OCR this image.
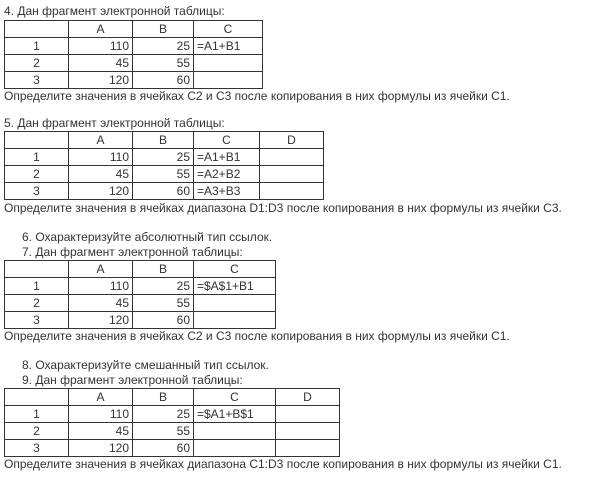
4. Дан фрагмент электронной таблицы:
	A	B	C
1	110	25	=A1+B1
2	45	55	
3	120	60	
Определите значения в ячейках C2 и C3 после копирования в них формулы из ячейки C1.
5. Дан фрагмент электронной таблицы:
	A	B	C	D
1	110	25	=A1+B1	
2	45	55	=A2+B2	
3	120	60	=A3+B3	
Определите значения в ячейках диапазона D1:D3 после копирования в них формулы из ячейки C3.
6. Охарактеризуйте абсолютный тип ссылок.
7. Дан фрагмент электронной таблицы:
	A	B	C
1	110	25	=$A$1+B1
2	45	55	
3	120	60	
Определите значения в ячейках C2 и C3 после копирования в них формулы из ячейки C1.
8. Охарактеризуйте смешанный тип ссылок.
9. Дан фрагмент электронной таблицы:
	A	B	C	D
1	110	25	=$A1+B$1	
2	45	55		
3	120	60		
Определите значения в ячейках диапазона C1:D3 после копирования в них формулы из ячейки C1.
